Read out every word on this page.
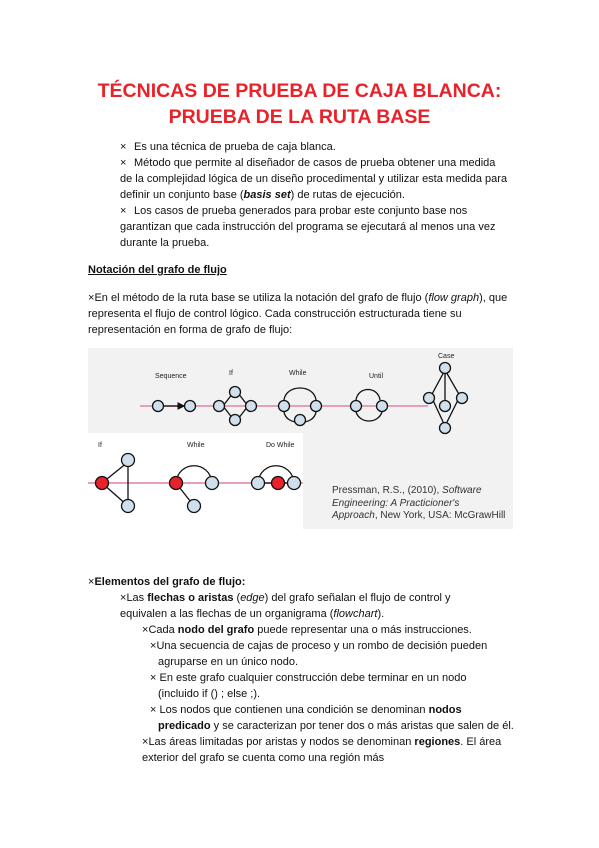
TÉCNICAS DE PRUEBA DE CAJA BLANCA:
PRUEBA DE LA RUTA BASE
× Es una técnica de prueba de caja blanca.
× Método que permite al diseñador de casos de prueba obtener una medida
de la complejidad lógica de un diseño procedimental y utilizar esta medida para
definir un conjunto base (basis set) de rutas de ejecución.
× Los casos de prueba generados para probar este conjunto base nos
garantizan que cada instrucción del programa se ejecutará al menos una vez
durante la prueba.
Notación del grafo de flujo
×En el método de la ruta base se utiliza la notación del grafo de flujo (flow graph), que
representa el flujo de control lógico. Cada construcción estructurada tiene su
representación en forma de grafo de flujo:
Sequence	If	While	Until
Case
If	While	Do While
Pressman, R.S., (2010), Software
Engineering: A Practicioner's
Approach, New York, USA: McGrawHill
×Elementos del grafo de flujo:
×Las flechas o aristas (edge) del grafo señalan el flujo de control y
equivalen a las flechas de un organigrama (flowchart).
×Cada nodo del grafo puede representar una o más instrucciones.
×Una secuencia de cajas de proceso y un rombo de decisión pueden
agruparse en un único nodo.
× En este grafo cualquier construcción debe terminar en un nodo
(incluido if () ; else ;).
× Los nodos que contienen una condición se denominan nodos
predicado y se caracterizan por tener dos o más aristas que salen de él.
×Las áreas limitadas por aristas y nodos se denominan regiones. El área
exterior del grafo se cuenta como una región más
